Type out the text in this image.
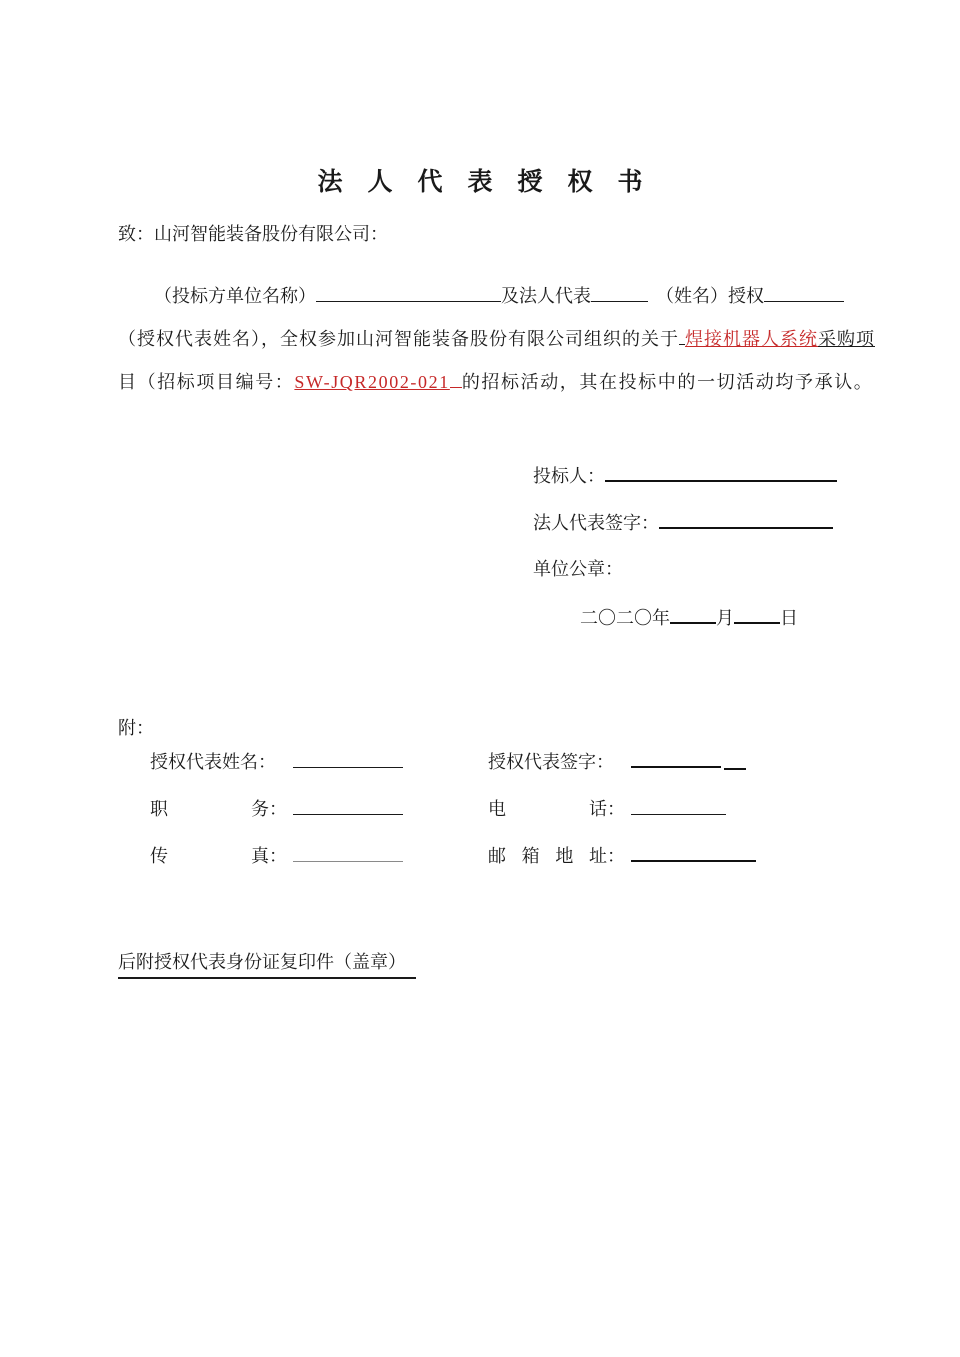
法人代表授权书
致：山河智能装备股份有限公司：
（投标方单位名称）	及法人代表	（姓名）授权
（授权代表姓名），全权参加山河智能装备股份有限公司组织的关于 焊接机器人系统采购项
目（招标项目编号：SW-JQR2002-021 的招标活动，其在投标中的一切活动均予承认。
投标人：
法人代表签字：
单位公章：
二〇二〇年	月	日
附：
授权代表姓名：	授权代表签字：
职	务：	电	话：
传	真：	邮 箱 地 址：
后附授权代表身份证复印件（盖章）
